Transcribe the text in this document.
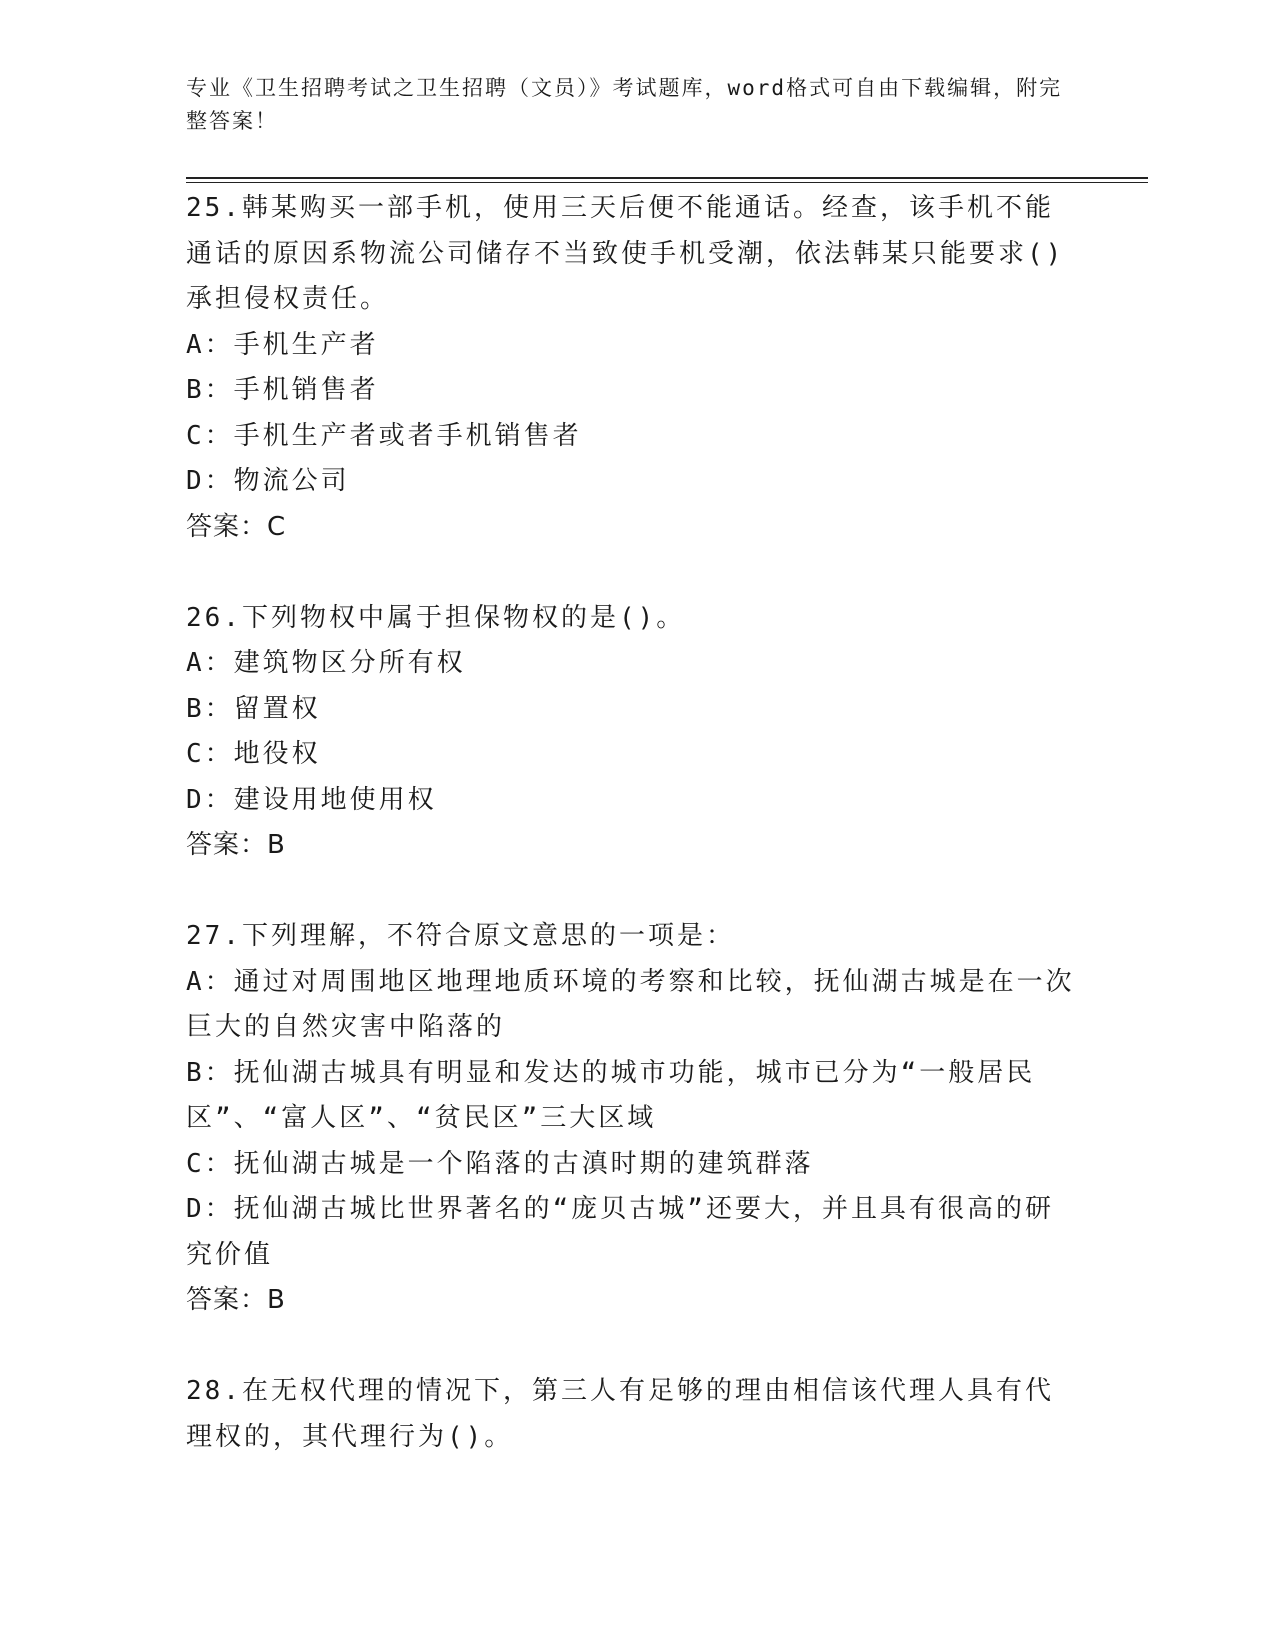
专业《卫生招聘考试之卫生招聘（文员）》考试题库，word格式可自由下载编辑，附完整答案！

25.韩某购买一部手机，使用三天后便不能通话。经查，该手机不能通话的原因系物流公司储存不当致使手机受潮，依法韩某只能要求()承担侵权责任。

A：手机生产者

B：手机销售者

C：手机生产者或者手机销售者

D：物流公司

答案：C

26.下列物权中属于担保物权的是()。

A：建筑物区分所有权

B：留置权

C：地役权

D：建设用地使用权

答案：B

27.下列理解，不符合原文意思的一项是：

A：通过对周围地区地理地质环境的考察和比较，抚仙湖古城是在一次巨大的自然灾害中陷落的

B：抚仙湖古城具有明显和发达的城市功能，城市已分为“一般居民区”、“富人区”、“贫民区”三大区域

C：抚仙湖古城是一个陷落的古滇时期的建筑群落

D：抚仙湖古城比世界著名的“庞贝古城”还要大，并且具有很高的研究价值

答案：B

28.在无权代理的情况下，第三人有足够的理由相信该代理人具有代理权的，其代理行为()。
